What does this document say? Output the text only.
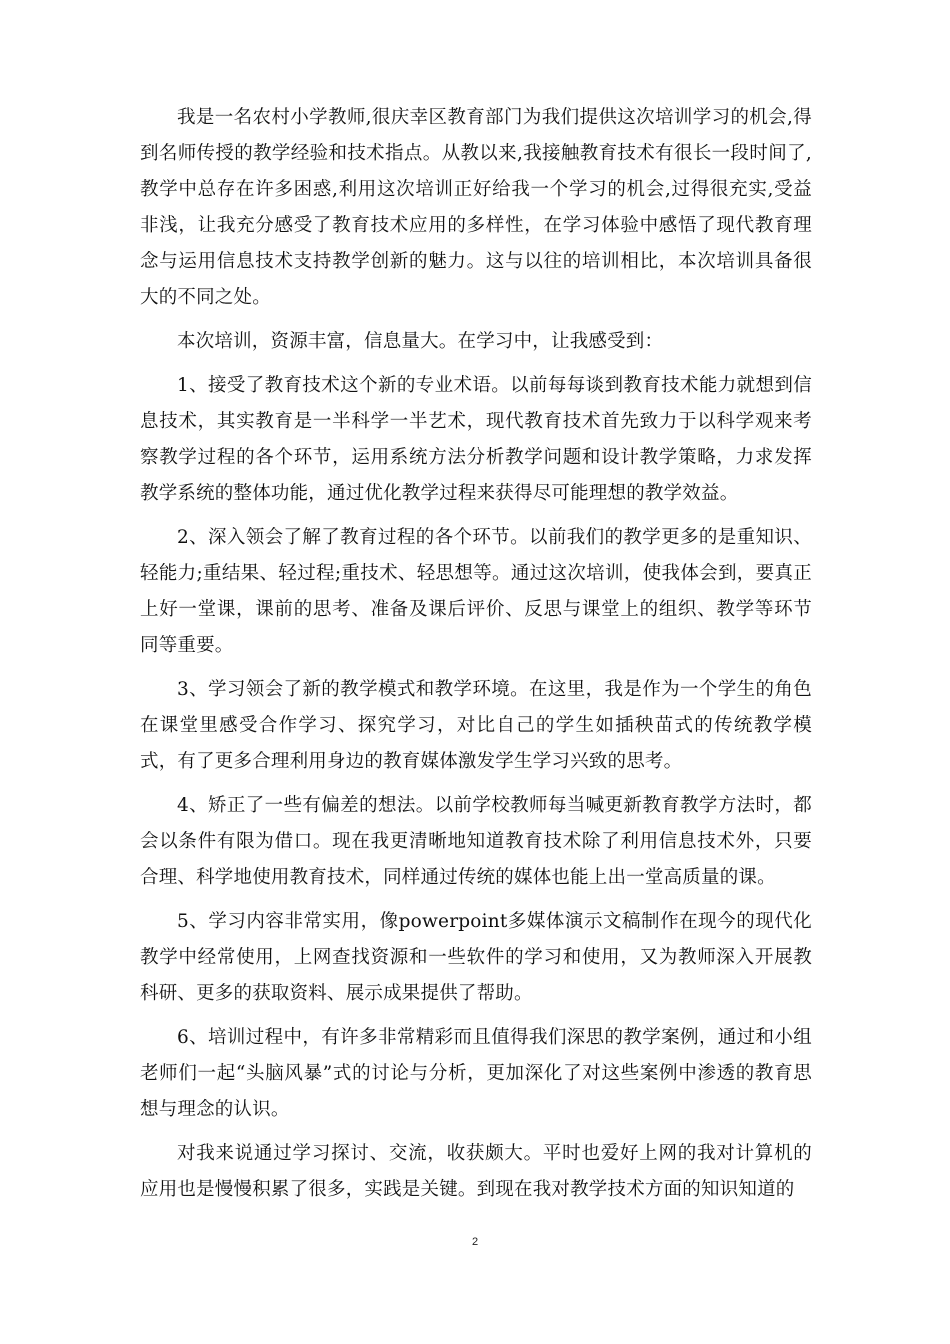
我是一名农村小学教师,很庆幸区教育部门为我们提供这次培训学习的机会,得到名师传授的教学经验和技术指点。从教以来,我接触教育技术有很长一段时间了,教学中总存在许多困惑,利用这次培训正好给我一个学习的机会,过得很充实,受益非浅，让我充分感受了教育技术应用的多样性，在学习体验中感悟了现代教育理念与运用信息技术支持教学创新的魅力。这与以往的培训相比，本次培训具备很大的不同之处。

本次培训，资源丰富，信息量大。在学习中，让我感受到：

1、接受了教育技术这个新的专业术语。以前每每谈到教育技术能力就想到信息技术，其实教育是一半科学一半艺术，现代教育技术首先致力于以科学观来考察教学过程的各个环节，运用系统方法分析教学问题和设计教学策略，力求发挥教学系统的整体功能，通过优化教学过程来获得尽可能理想的教学效益。

2、深入领会了解了教育过程的各个环节。以前我们的教学更多的是重知识、轻能力;重结果、轻过程;重技术、轻思想等。通过这次培训，使我体会到，要真正上好一堂课，课前的思考、准备及课后评价、反思与课堂上的组织、教学等环节同等重要。

3、学习领会了新的教学模式和教学环境。在这里，我是作为一个学生的角色在课堂里感受合作学习、探究学习，对比自己的学生如插秧苗式的传统教学模式，有了更多合理利用身边的教育媒体激发学生学习兴致的思考。

4、矫正了一些有偏差的想法。以前学校教师每当喊更新教育教学方法时，都会以条件有限为借口。现在我更清晰地知道教育技术除了利用信息技术外，只要合理、科学地使用教育技术，同样通过传统的媒体也能上出一堂高质量的课。

5、学习内容非常实用，像powerpoint多媒体演示文稿制作在现今的现代化教学中经常使用，上网查找资源和一些软件的学习和使用，又为教师深入开展教科研、更多的获取资料、展示成果提供了帮助。

6、培训过程中，有许多非常精彩而且值得我们深思的教学案例，通过和小组老师们一起“头脑风暴”式的讨论与分析，更加深化了对这些案例中渗透的教育思想与理念的认识。

对我来说通过学习探讨、交流，收获颇大。平时也爱好上网的我对计算机的应用也是慢慢积累了很多，实践是关键。到现在我对教学技术方面的知识知道的

2
